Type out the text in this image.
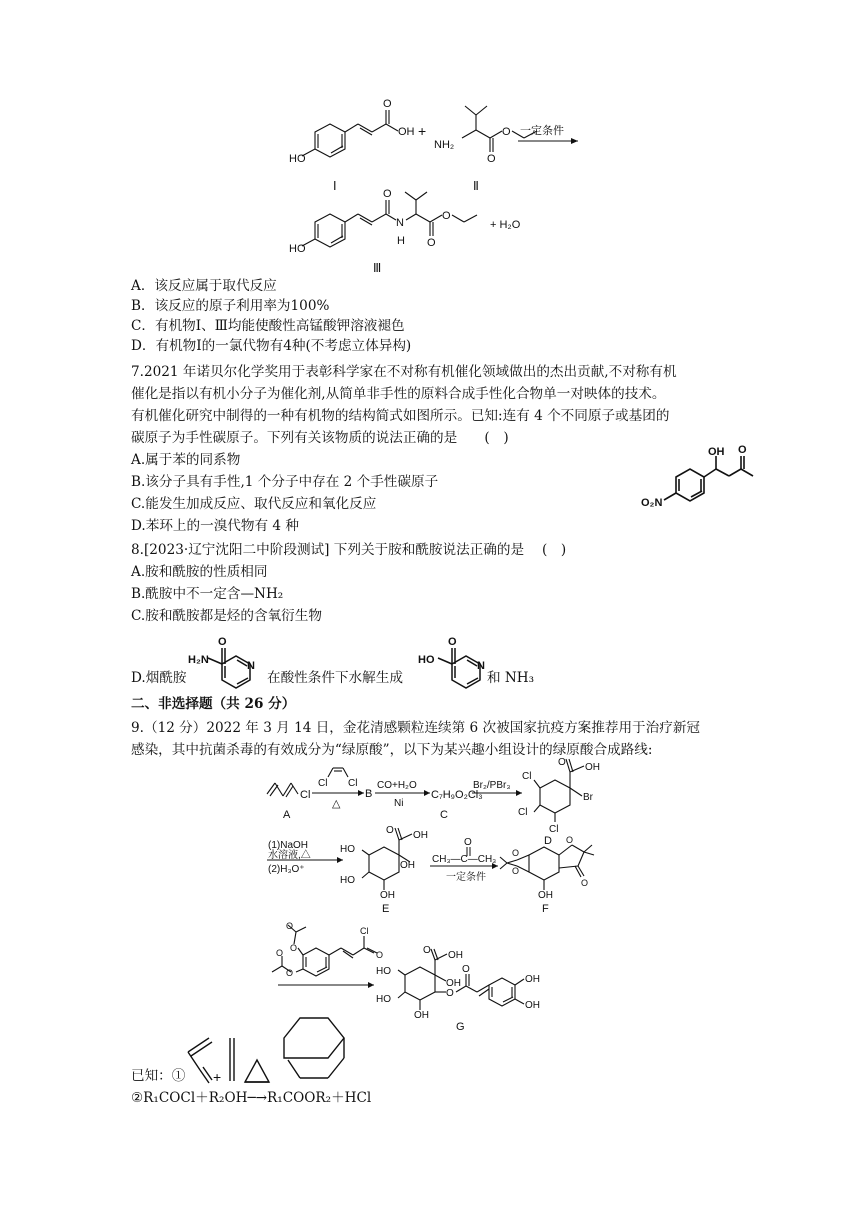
HO
O
OH +
NH₂
O
O
一定条件
Ⅰ	Ⅱ
HO
O
N
H
O
O
+ H₂O
Ⅲ
A．该反应属于取代反应
B．该反应的原子利用率为100%
C．有机物Ⅰ、Ⅲ均能使酸性高锰酸钾溶液褪色
D．有机物Ⅰ的一氯代物有4种(不考虑立体异构)
7.2021 年诺贝尔化学奖用于表彰科学家在不对称有机催化领域做出的杰出贡献,不对称有机
催化是指以有机小分子为催化剂,从简单非手性的原料合成手性化合物单一对映体的技术。
有机催化研究中制得的一种有机物的结构简式如图所示。已知:连有 4 个不同原子或基团的
碳原子为手性碳原子。下列有关该物质的说法正确的是　　(　)
A.属于苯的同系物
B.该分子具有手性,1 个分子中存在 2 个手性碳原子
C.能发生加成反应、取代反应和氧化反应
D.苯环上的一溴代物有 4 种
OH O
O₂N
8.[2023·辽宁沈阳二中阶段测试] 下列关于胺和酰胺说法正确的是　 (　)
A.胺和酰胺的性质相同
B.酰胺中不一定含—NH₂
C.胺和酰胺都是烃的含氧衍生物
D.烟酰胺	在酸性条件下水解生成	和 NH₃
O
H₂N	N
O
HO	N
二、非选择题（共 26 分）
9.（12 分）2022 年 3 月 14 日，金花清感颗粒连续第 6 次被国家抗疫方案推荐用于治疗新冠
感染，其中抗菌杀毒的有效成分为“绿原酸”，以下为某兴趣小组设计的绿原酸合成路线:
Cl
Cl Cl
△
B
CO+H₂O
Ni
C₇H₉O₂Cl₃
Br₂/PBr₃
O OH
Br
Cl
Cl
Cl
A	C
D
(1)NaOH
水溶液,△
(2)H₃O⁺
O OH
OH
HO
HO
OH
E
O
CH₃—C—CH₃
一定条件
O
O
O
O
OH
F
O
O
O
O
Cl
O	O OH
OH
HO
HO
OH
O
O
OH
OH
G
+
已知：①
②R₁COCl＋R₂OH─→R₁COOR₂＋HCl
